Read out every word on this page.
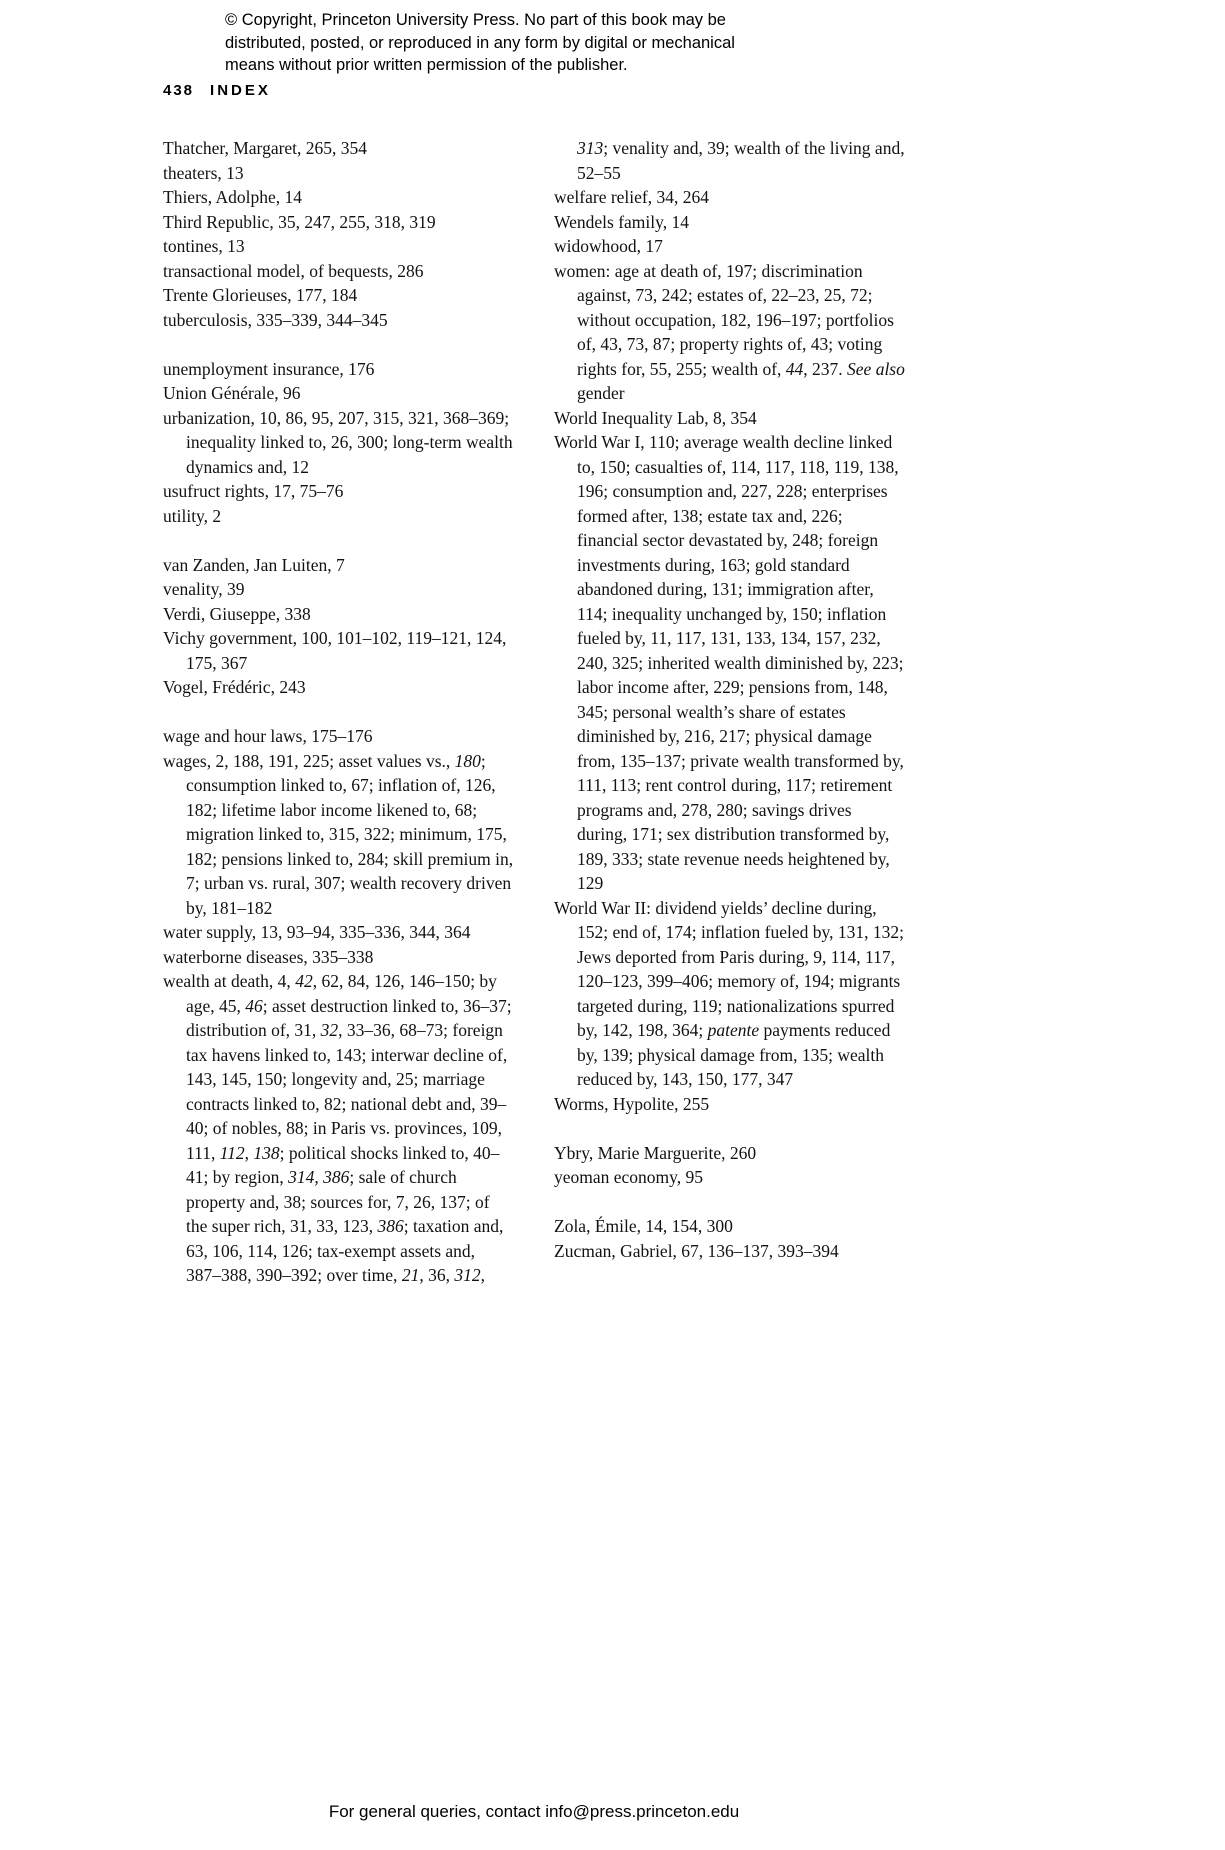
© Copyright, Princeton University Press. No part of this book may be
distributed, posted, or reproduced in any form by digital or mechanical
means without prior written permission of the publisher.
438 INDEX

Thatcher, Margaret, 265, 354

theaters, 13

Thiers, Adolphe, 14

Third Republic, 35, 247, 255, 318, 319

tontines, 13

transactional model, of bequests, 286

Trente Glorieuses, 177, 184

tuberculosis, 335–339, 344–345

unemployment insurance, 176

Union Générale, 96

urbanization, 10, 86, 95, 207, 315, 321, 368–369; inequality linked to, 26, 300; long-term wealth dynamics and, 12

usufruct rights, 17, 75–76

utility, 2

van Zanden, Jan Luiten, 7

venality, 39

Verdi, Giuseppe, 338

Vichy government, 100, 101–102, 119–121, 124, 175, 367

Vogel, Frédéric, 243

wage and hour laws, 175–176

wages, 2, 188, 191, 225; asset values vs., 180; consumption linked to, 67; inflation of, 126, 182; lifetime labor income likened to, 68; migration linked to, 315, 322; minimum, 175, 182; pensions linked to, 284; skill premium in, 7; urban vs. rural, 307; wealth recovery driven by, 181–182

water supply, 13, 93–94, 335–336, 344, 364

waterborne diseases, 335–338

wealth at death, 4, 42, 62, 84, 126, 146–150; by age, 45, 46; asset destruction linked to, 36–37; distribution of, 31, 32, 33–36, 68–73; foreign tax havens linked to, 143; interwar decline of, 143, 145, 150; longevity and, 25; marriage contracts linked to, 82; national debt and, 39–40; of nobles, 88; in Paris vs. provinces, 109, 111, 112, 138; political shocks linked to, 40–41; by region, 314, 386; sale of church property and, 38; sources for, 7, 26, 137; of the super rich, 31, 33, 123, 386; taxation and, 63, 106, 114, 126; tax-exempt assets and, 387–388, 390–392; over time, 21, 36, 312,

313; venality and, 39; wealth of the living and, 52–55

welfare relief, 34, 264

Wendels family, 14

widowhood, 17

women: age at death of, 197; discrimination against, 73, 242; estates of, 22–23, 25, 72; without occupation, 182, 196–197; portfolios of, 43, 73, 87; property rights of, 43; voting rights for, 55, 255; wealth of, 44, 237. See also gender

World Inequality Lab, 8, 354

World War I, 110; average wealth decline linked to, 150; casualties of, 114, 117, 118, 119, 138, 196; consumption and, 227, 228; enterprises formed after, 138; estate tax and, 226; financial sector devastated by, 248; foreign investments during, 163; gold standard abandoned during, 131; immigration after, 114; inequality unchanged by, 150; inflation fueled by, 11, 117, 131, 133, 134, 157, 232, 240, 325; inherited wealth diminished by, 223; labor income after, 229; pensions from, 148, 345; personal wealth’s share of estates diminished by, 216, 217; physical damage from, 135–137; private wealth transformed by, 111, 113; rent control during, 117; retirement programs and, 278, 280; savings drives during, 171; sex distribution transformed by, 189, 333; state revenue needs heightened by, 129

World War II: dividend yields’ decline during, 152; end of, 174; inflation fueled by, 131, 132; Jews deported from Paris during, 9, 114, 117, 120–123, 399–406; memory of, 194; migrants targeted during, 119; nationalizations spurred by, 142, 198, 364; patente payments reduced by, 139; physical damage from, 135; wealth reduced by, 143, 150, 177, 347

Worms, Hypolite, 255

Ybry, Marie Marguerite, 260

yeoman economy, 95

Zola, Émile, 14, 154, 300

Zucman, Gabriel, 67, 136–137, 393–394

For general queries, contact info@press.princeton.edu
